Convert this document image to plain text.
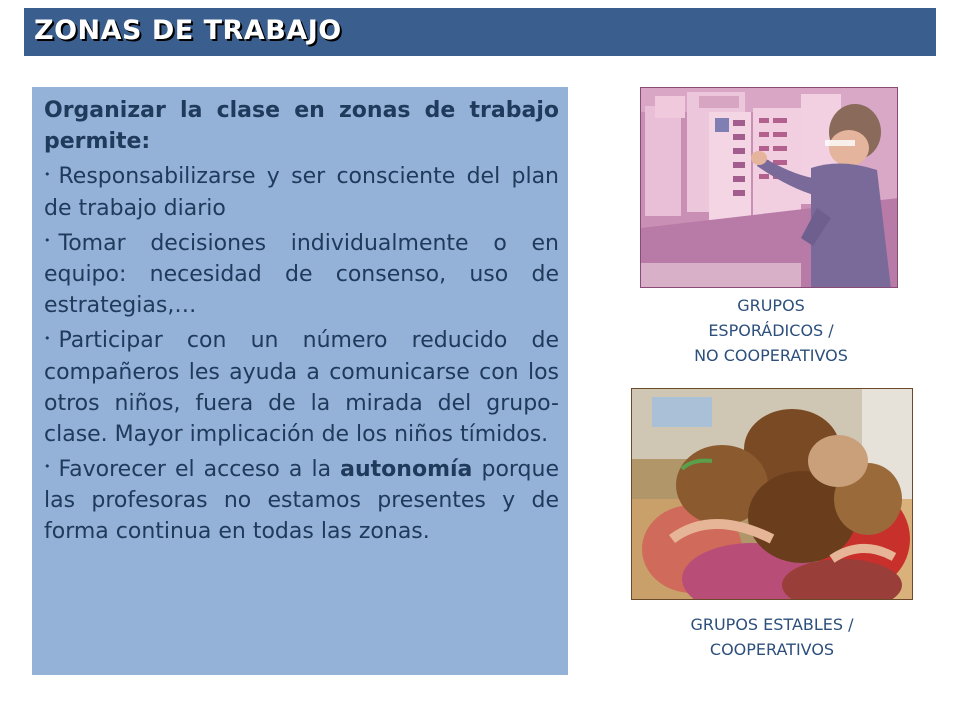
ZONAS DE TRABAJO

Organizar la clase en zonas de trabajo permite:

• Responsabilizarse y ser consciente del plan de trabajo diario
• Tomar decisiones individualmente o en equipo: necesidad de consenso, uso de estrategias,…
• Participar con un número reducido de compañeros les ayuda a comunicarse con los otros niños, fuera de la mirada del grupo-clase. Mayor implicación de los niños tímidos.
• Favorecer el acceso a la autonomía porque las profesoras no estamos presentes y de forma continua en todas las zonas.
GRUPOS
ESPORÁDICOS /
NO COOPERATIVOS
GRUPOS ESTABLES /
COOPERATIVOS
